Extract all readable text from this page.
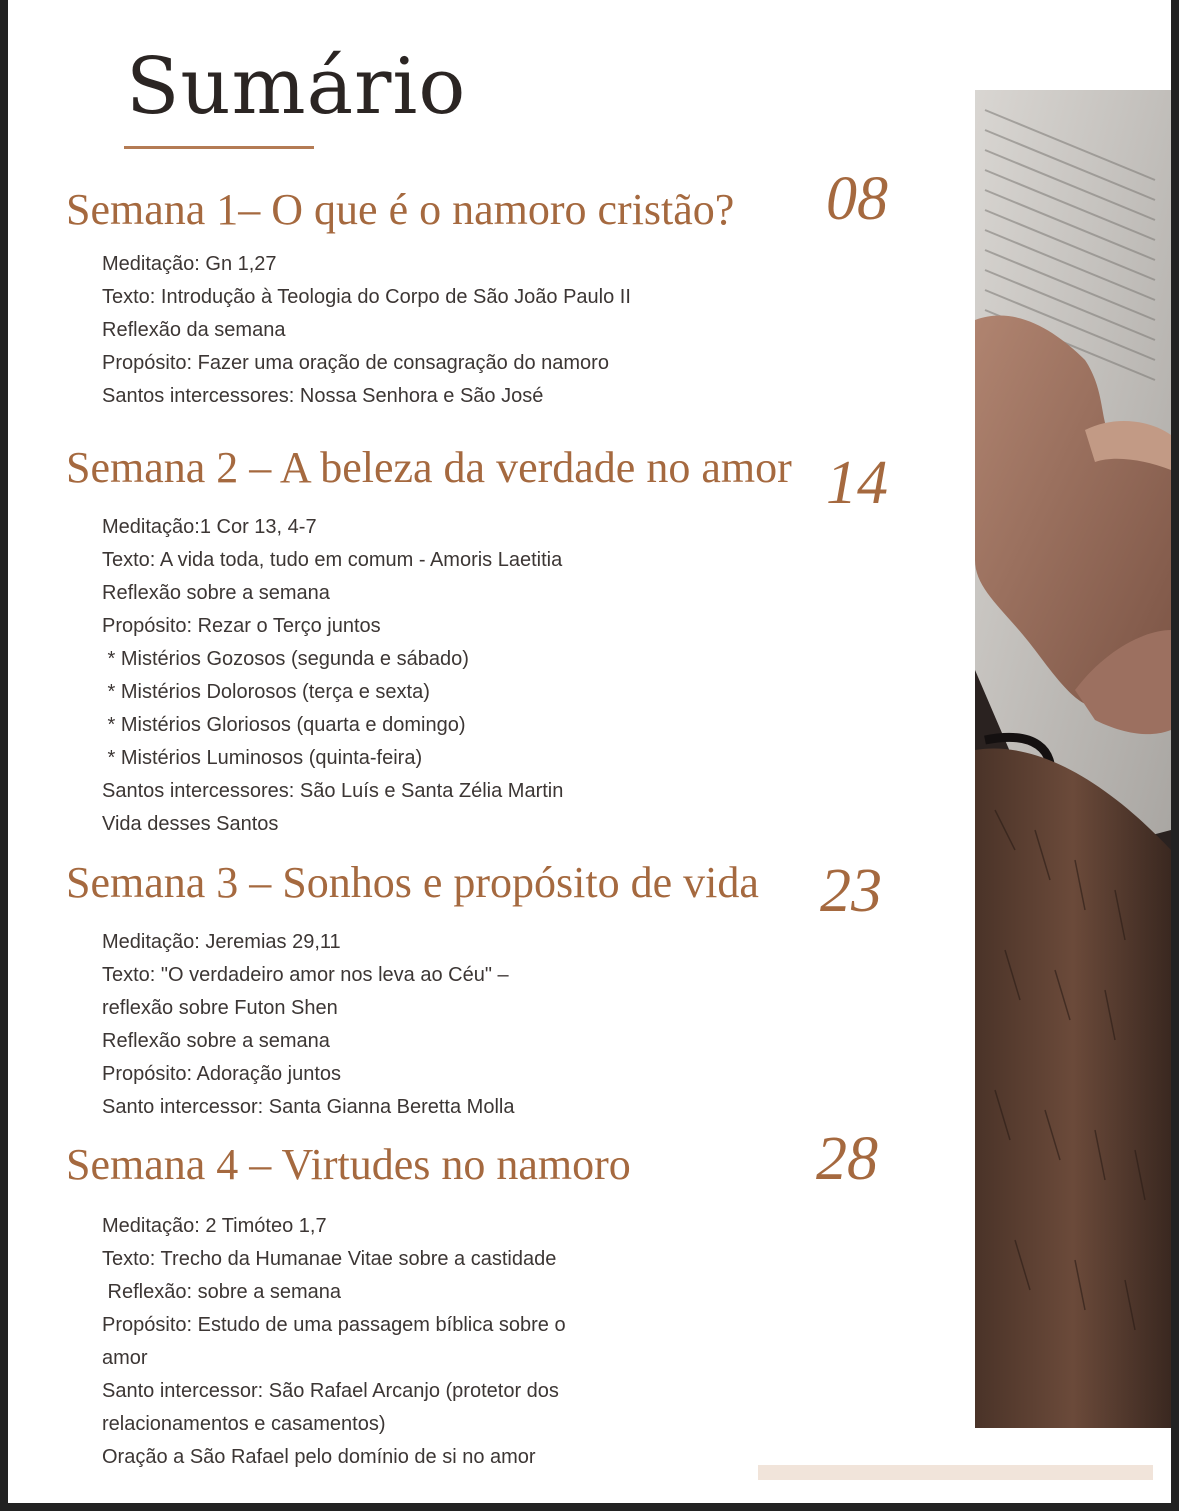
Sumário
Semana 1– O que é o namoro cristão? 08
Meditação: Gn 1,27
Texto: Introdução à Teologia do Corpo de São João Paulo II
Reflexão da semana
Propósito: Fazer uma oração de consagração do namoro
Santos intercessores: Nossa Senhora e São José
Semana 2 – A beleza da verdade no amor 14
Meditação:1 Cor 13, 4-7
Texto: A vida toda, tudo em comum - Amoris Laetitia
Reflexão sobre a semana
Propósito: Rezar o Terço juntos
* Mistérios Gozosos (segunda e sábado)
* Mistérios Dolorosos (terça e sexta)
* Mistérios Gloriosos (quarta e domingo)
* Mistérios Luminosos (quinta-feira)
Santos intercessores: São Luís e Santa Zélia Martin
Vida desses Santos
Semana 3 – Sonhos e propósito de vida 23
Meditação: Jeremias 29,11
Texto: "O verdadeiro amor nos leva ao Céu" –
reflexão sobre Futon Shen
Reflexão sobre a semana
Propósito: Adoração juntos
Santo intercessor: Santa Gianna Beretta Molla
Semana 4 – Virtudes no namoro	28
Meditação: 2 Timóteo 1,7
Texto: Trecho da Humanae Vitae sobre a castidade
Reflexão: sobre a semana
Propósito: Estudo de uma passagem bíblica sobre o
amor
Santo intercessor: São Rafael Arcanjo (protetor dos
relacionamentos e casamentos)
Oração a São Rafael pelo domínio de si no amor
